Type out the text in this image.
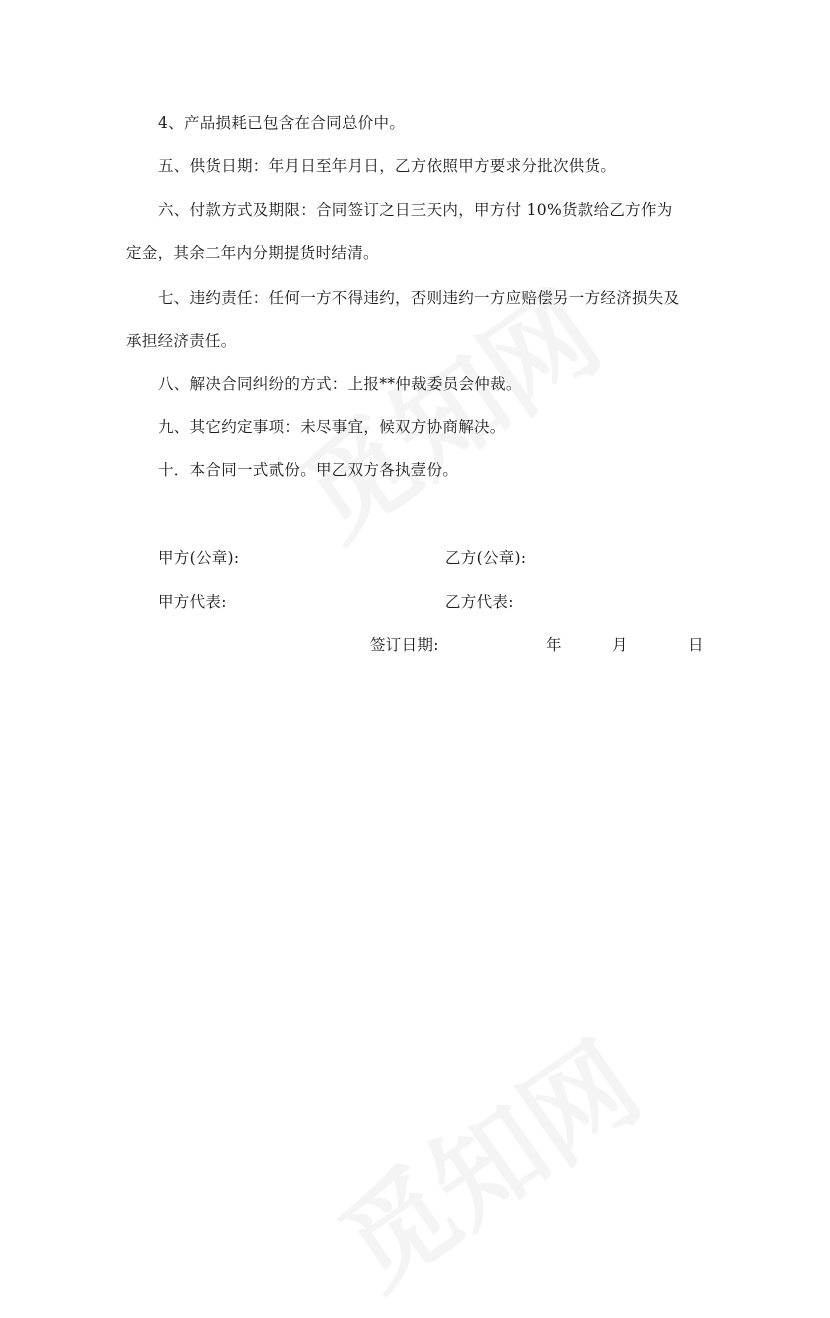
4、产品损耗已包含在合同总价中。
五、供货日期：年月日至年月日，乙方依照甲方要求分批次供货。
六、付款方式及期限：合同签订之日三天内，甲方付 10%货款给乙方作为
定金，其余二年内分期提货时结清。
七、违约责任：任何一方不得违约，否则违约一方应赔偿另一方经济损失及
承担经济责任。
八、解决合同纠纷的方式：上报**仲裁委员会仲裁。
九、其它约定事项：未尽事宜，候双方协商解决。
十．本合同一式贰份。甲乙双方各执壹份。
甲方(公章):	乙方(公章):
甲方代表:	乙方代表:
签订日期:	年	月	日
